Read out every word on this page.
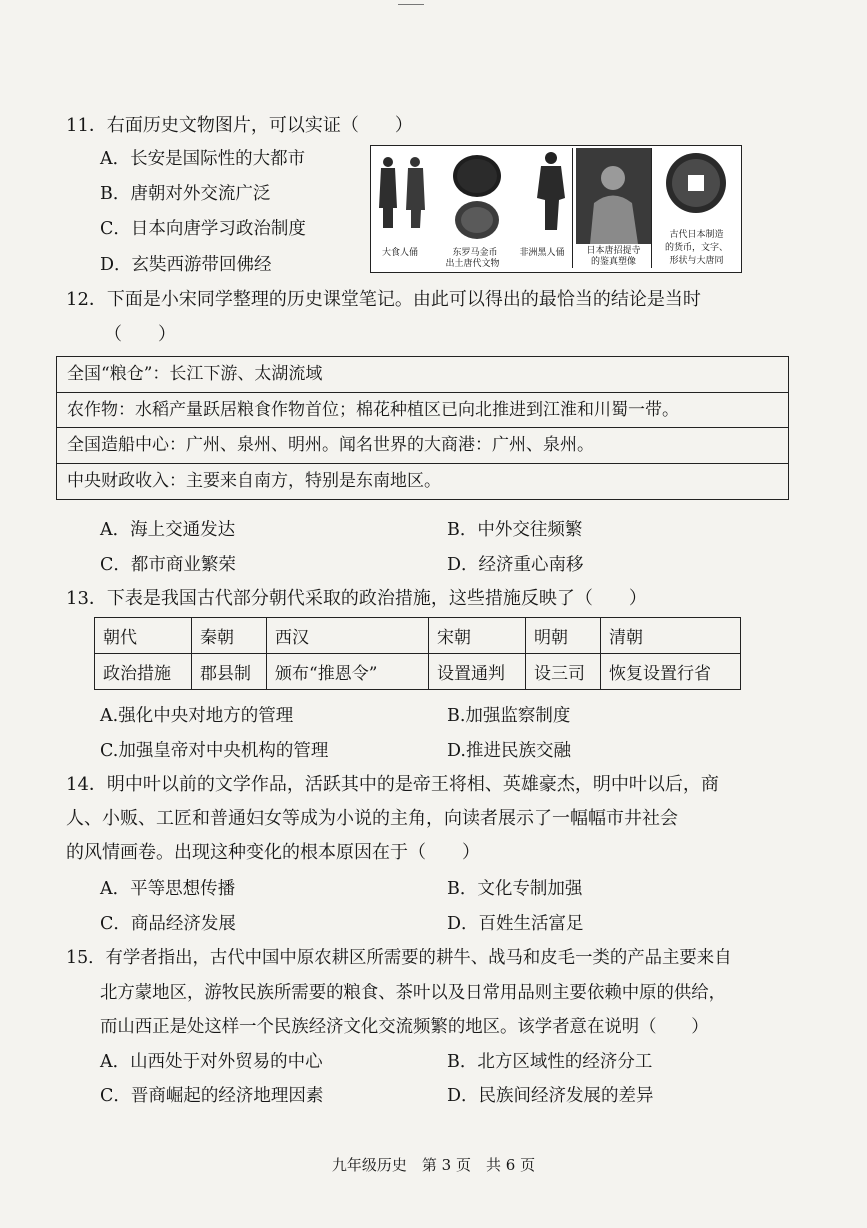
11．右面历史文物图片，可以实证（　　）
A．长安是国际性的大都市
B．唐朝对外交流广泛
C．日本向唐学习政治制度
D．玄奘西游带回佛经
大食人俑	东罗马金币	非洲黑人俑
出土唐代文物
日本唐招提寺
的鉴真塑像
古代日本制造
的货币，文字、
形状与大唐同
12．下面是小宋同学整理的历史课堂笔记。由此可以得出的最恰当的结论是当时
（　　）
全国“粮仓”：长江下游、太湖流域
农作物：水稻产量跃居粮食作物首位；棉花种植区已向北推进到江淮和川蜀一带。
全国造船中心：广州、泉州、明州。闻名世界的大商港：广州、泉州。
中央财政收入：主要来自南方，特别是东南地区。
A．海上交通发达	B．中外交往频繁
C．都市商业繁荣	D．经济重心南移
13．下表是我国古代部分朝代采取的政治措施，这些措施反映了（　　）
朝代	秦朝	西汉	宋朝	明朝	清朝
政治措施	郡县制	颁布“推恩令”	设置通判	设三司	恢复设置行省
A.强化中央对地方的管理	B.加强监察制度
C.加强皇帝对中央机构的管理	D.推进民族交融
14．明中叶以前的文学作品，活跃其中的是帝王将相、英雄豪杰，明中叶以后，商
人、小贩、工匠和普通妇女等成为小说的主角，向读者展示了一幅幅市井社会
的风情画卷。出现这种变化的根本原因在于（　　）
A．平等思想传播	B．文化专制加强
C．商品经济发展	D．百姓生活富足
15．有学者指出，古代中国中原农耕区所需要的耕牛、战马和皮毛一类的产品主要来自
北方蒙地区，游牧民族所需要的粮食、茶叶以及日常用品则主要依赖中原的供给，
而山西正是处这样一个民族经济文化交流频繁的地区。该学者意在说明（　　）
A．山西处于对外贸易的中心	B．北方区域性的经济分工
C．晋商崛起的经济地理因素	D．民族间经济发展的差异
九年级历史　第 3 页　共 6 页
